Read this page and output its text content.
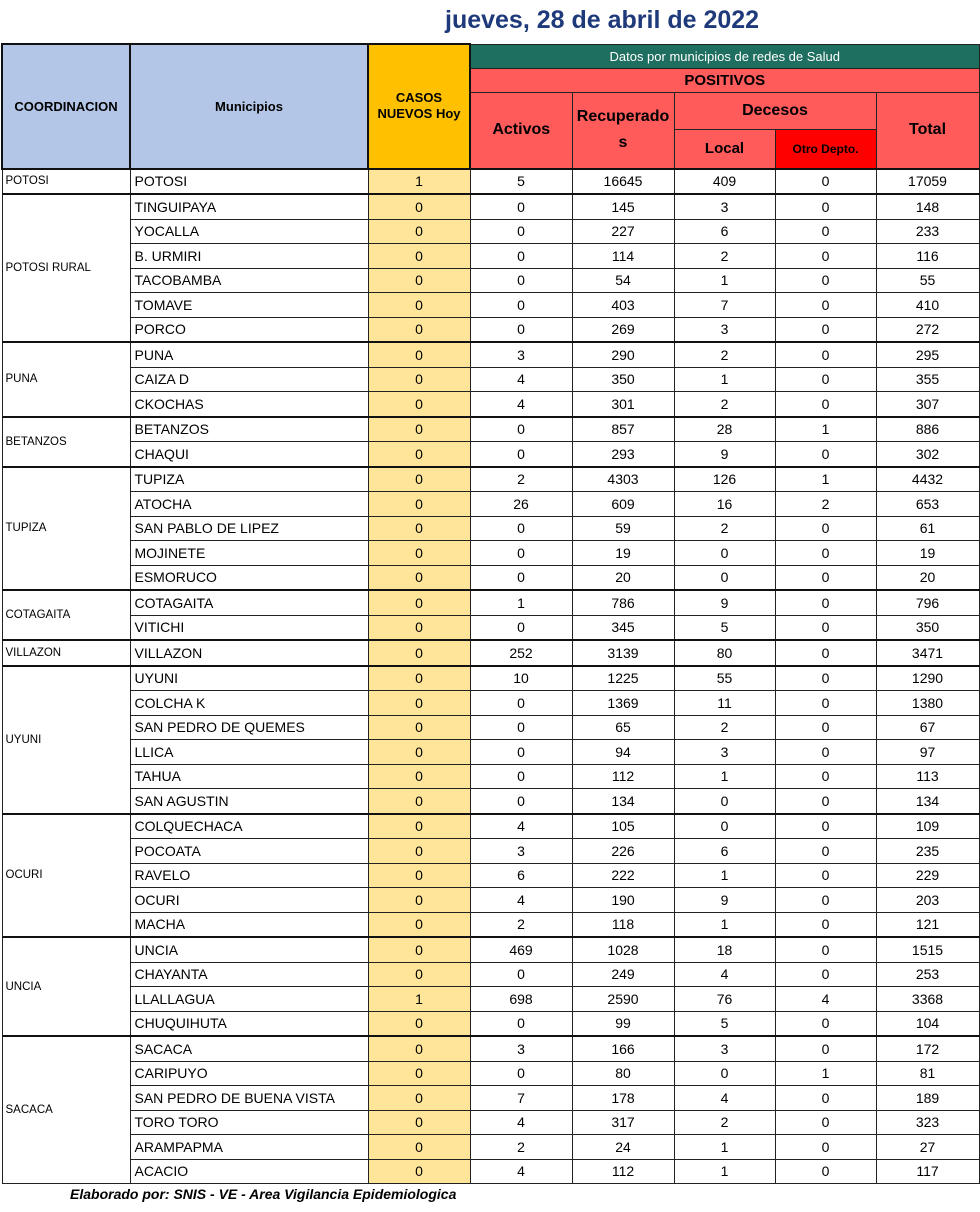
jueves, 28 de abril de 2022
COORDINACION	Municipios	CASOS NUEVOS Hoy	Datos por municipios de redes de Salud				
			POSITIVOS				
			Activos	Recuperado s	Decesos		Total
					Local	Otro Depto.	
POTOSI	POTOSI	1	5	16645	409	0	17059
POTOSI RURAL	TINGUIPAYA	0	0	145	3	0	148
	YOCALLA	0	0	227	6	0	233
	B. URMIRI	0	0	114	2	0	116
	TACOBAMBA	0	0	54	1	0	55
	TOMAVE	0	0	403	7	0	410
	PORCO	0	0	269	3	0	272
PUNA	PUNA	0	3	290	2	0	295
	CAIZA D	0	4	350	1	0	355
	CKOCHAS	0	4	301	2	0	307
BETANZOS	BETANZOS	0	0	857	28	1	886
	CHAQUI	0	0	293	9	0	302
TUPIZA	TUPIZA	0	2	4303	126	1	4432
	ATOCHA	0	26	609	16	2	653
	SAN PABLO DE LIPEZ	0	0	59	2	0	61
	MOJINETE	0	0	19	0	0	19
	ESMORUCO	0	0	20	0	0	20
COTAGAITA	COTAGAITA	0	1	786	9	0	796
	VITICHI	0	0	345	5	0	350
VILLAZON	VILLAZON	0	252	3139	80	0	3471
UYUNI	UYUNI	0	10	1225	55	0	1290
	COLCHA K	0	0	1369	11	0	1380
	SAN PEDRO DE QUEMES	0	0	65	2	0	67
	LLICA	0	0	94	3	0	97
	TAHUA	0	0	112	1	0	113
	SAN AGUSTIN	0	0	134	0	0	134
OCURI	COLQUECHACA	0	4	105	0	0	109
	POCOATA	0	3	226	6	0	235
	RAVELO	0	6	222	1	0	229
	OCURI	0	4	190	9	0	203
	MACHA	0	2	118	1	0	121
UNCIA	UNCIA	0	469	1028	18	0	1515
	CHAYANTA	0	0	249	4	0	253
	LLALLAGUA	1	698	2590	76	4	3368
	CHUQUIHUTA	0	0	99	5	0	104
SACACA	SACACA	0	3	166	3	0	172
	CARIPUYO	0	0	80	0	1	81
	SAN PEDRO DE BUENA VISTA	0	7	178	4	0	189
	TORO TORO	0	4	317	2	0	323
	ARAMPAPMA	0	2	24	1	0	27
	ACACIO	0	4	112	1	0	117
Elaborado por: SNIS - VE - Area Vigilancia Epidemiologica
